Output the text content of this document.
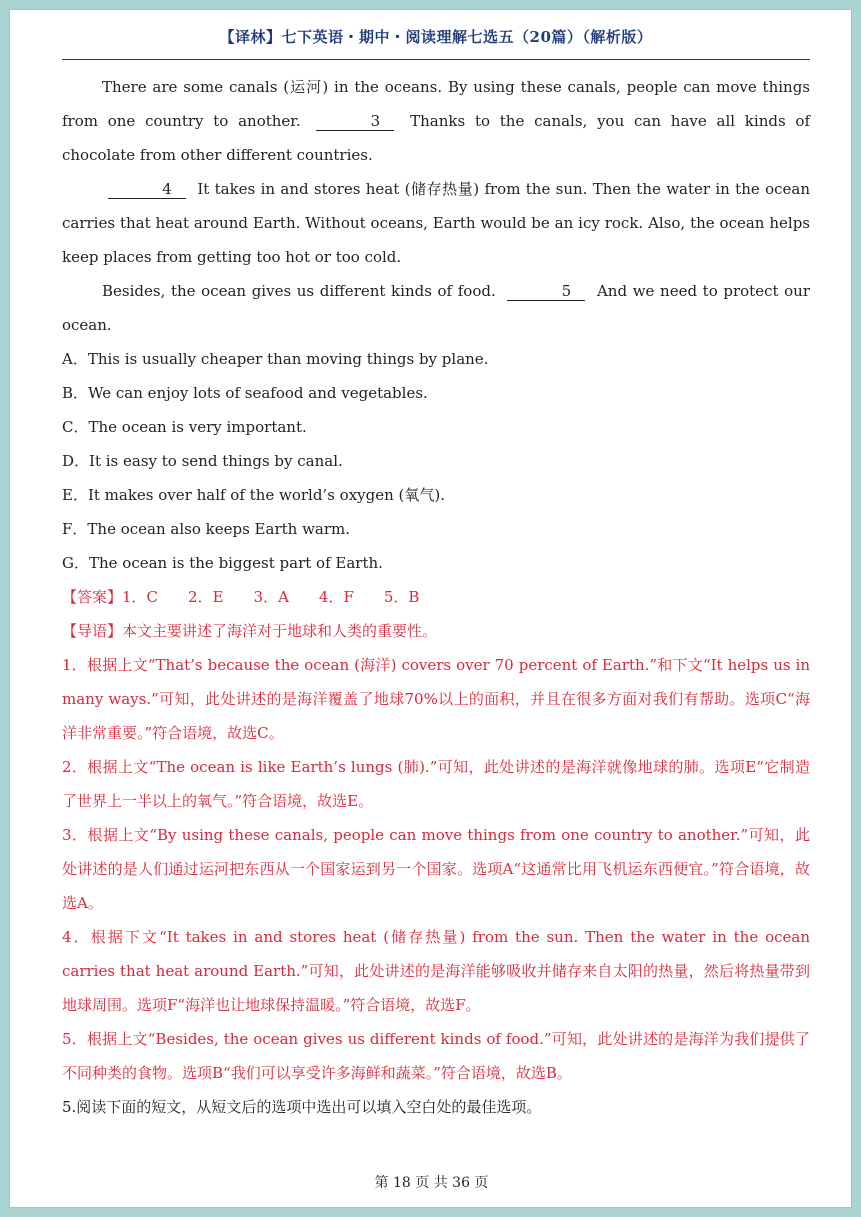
【译林】七下英语・期中・阅读理解七选五（20篇）（解析版）

There are some canals (运河) in the oceans. By using these canals, people can move things from one country to another.	3 Thanks to the canals, you can have all kinds of chocolate from other different countries.

4 It takes in and stores heat (储存热量) from the sun. Then the water in the ocean carries that heat around Earth. Without oceans, Earth would be an icy rock. Also, the ocean helps keep places from getting too hot or too cold.

Besides, the ocean gives us different kinds of food.	5 And we need to protect our ocean.

A．This is usually cheaper than moving things by plane.

B．We can enjoy lots of seafood and vegetables.

C．The ocean is very important.

D．It is easy to send things by canal.

E．It makes over half of the world’s oxygen (氧气).

F．The ocean also keeps Earth warm.

G．The ocean is the biggest part of Earth.

【答案】1．C　　2．E　　3．A　　4．F　　5．B

【导语】本文主要讲述了海洋对于地球和人类的重要性。

1．根据上文“That’s because the ocean (海洋) covers over 70 percent of Earth.”和下文“It helps us in many ways.”可知，此处讲述的是海洋覆盖了地球70%以上的面积，并且在很多方面对我们有帮助。选项C“海洋非常重要。”符合语境，故选C。

2．根据上文“The ocean is like Earth’s lungs (肺).”可知，此处讲述的是海洋就像地球的肺。选项E“它制造了世界上一半以上的氧气。”符合语境，故选E。

3．根据上文“By using these canals, people can move things from one country to another.”可知，此处讲述的是人们通过运河把东西从一个国家运到另一个国家。选项A“这通常比用飞机运东西便宜。”符合语境，故选A。

4．根据下文“It takes in and stores heat (储存热量) from the sun. Then the water in the ocean carries that heat around Earth.”可知，此处讲述的是海洋能够吸收并储存来自太阳的热量，然后将热量带到地球周围。选项F“海洋也让地球保持温暖。”符合语境，故选F。

5．根据上文“Besides, the ocean gives us different kinds of food.”可知，此处讲述的是海洋为我们提供了不同种类的食物。选项B“我们可以享受许多海鲜和蔬菜。”符合语境，故选B。

5.阅读下面的短文，从短文后的选项中选出可以填入空白处的最佳选项。

第 18 页 共 36 页
